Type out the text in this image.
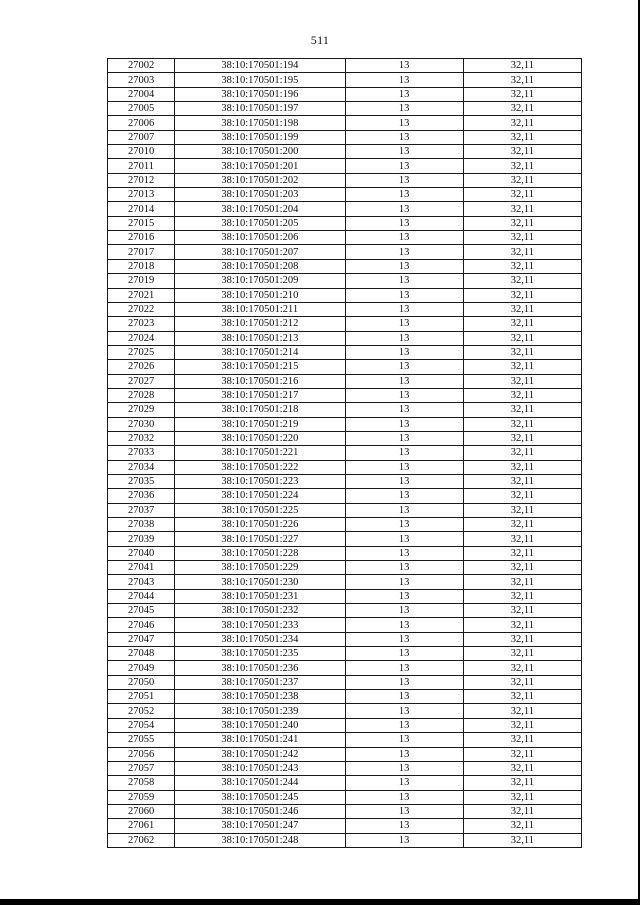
511
27002	38:10:170501:194	13	32,11
27003	38:10:170501:195	13	32,11
27004	38:10:170501:196	13	32,11
27005	38:10:170501:197	13	32,11
27006	38:10:170501:198	13	32,11
27007	38:10:170501:199	13	32,11
27010	38:10:170501:200	13	32,11
27011	38:10:170501:201	13	32,11
27012	38:10:170501:202	13	32,11
27013	38:10:170501:203	13	32,11
27014	38:10:170501:204	13	32,11
27015	38:10:170501:205	13	32,11
27016	38:10:170501:206	13	32,11
27017	38:10:170501:207	13	32,11
27018	38:10:170501:208	13	32,11
27019	38:10:170501:209	13	32,11
27021	38:10:170501:210	13	32,11
27022	38:10:170501:211	13	32,11
27023	38:10:170501:212	13	32,11
27024	38:10:170501:213	13	32,11
27025	38:10:170501:214	13	32,11
27026	38:10:170501:215	13	32,11
27027	38:10:170501:216	13	32,11
27028	38:10:170501:217	13	32,11
27029	38:10:170501:218	13	32,11
27030	38:10:170501:219	13	32,11
27032	38:10:170501:220	13	32,11
27033	38:10:170501:221	13	32,11
27034	38:10:170501:222	13	32,11
27035	38:10:170501:223	13	32,11
27036	38:10:170501:224	13	32,11
27037	38:10:170501:225	13	32,11
27038	38:10:170501:226	13	32,11
27039	38:10:170501:227	13	32,11
27040	38:10:170501:228	13	32,11
27041	38:10:170501:229	13	32,11
27043	38:10:170501:230	13	32,11
27044	38:10:170501:231	13	32,11
27045	38:10:170501:232	13	32,11
27046	38:10:170501:233	13	32,11
27047	38:10:170501:234	13	32,11
27048	38:10:170501:235	13	32,11
27049	38:10:170501:236	13	32,11
27050	38:10:170501:237	13	32,11
27051	38:10:170501:238	13	32,11
27052	38:10:170501:239	13	32,11
27054	38:10:170501:240	13	32,11
27055	38:10:170501:241	13	32,11
27056	38:10:170501:242	13	32,11
27057	38:10:170501:243	13	32,11
27058	38:10:170501:244	13	32,11
27059	38:10:170501:245	13	32,11
27060	38:10:170501:246	13	32,11
27061	38:10:170501:247	13	32,11
27062	38:10:170501:248	13	32,11
